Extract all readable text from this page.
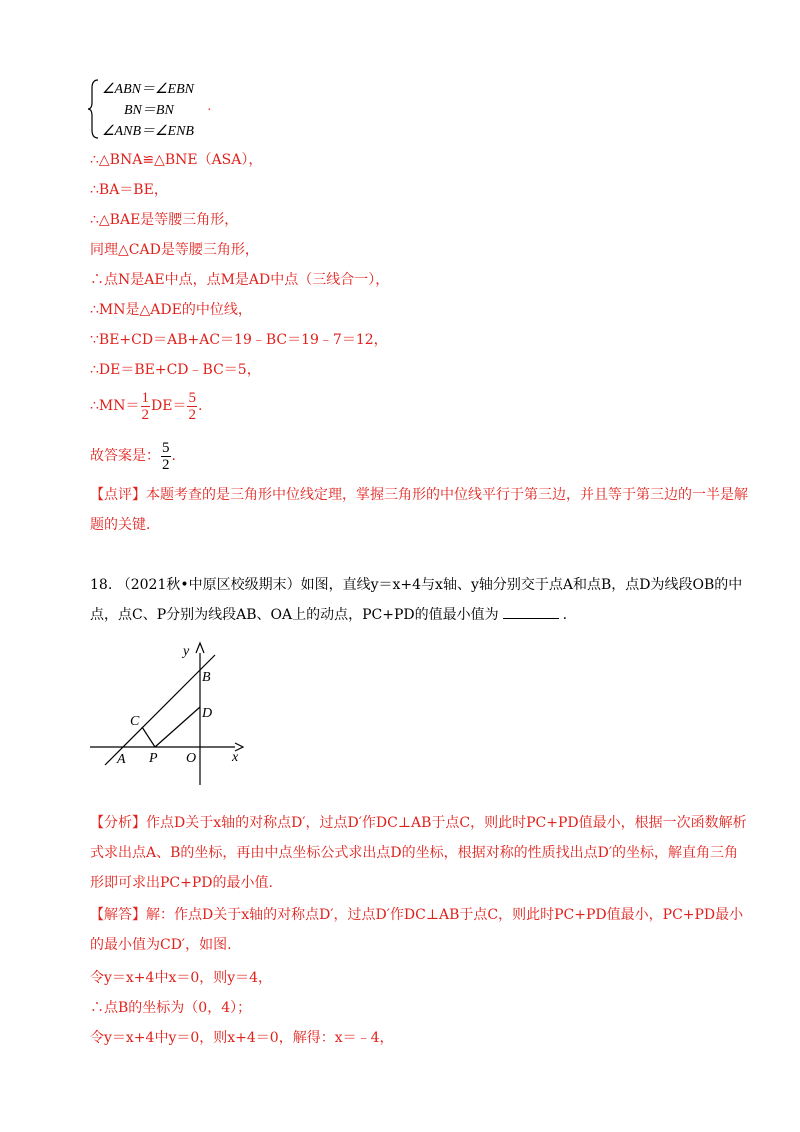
∠ABN＝∠EBN
BN＝BN
∠ANB＝∠ENB
.
∴△BNA≌△BNE（ASA），
∴BA＝BE，
∴△BAE是等腰三角形，
同理△CAD是等腰三角形，
∴点N是AE中点，点M是AD中点（三线合一），
∴MN是△ADE的中位线，
∵BE+CD＝AB+AC＝19﹣BC＝19﹣7＝12，
∴DE＝BE+CD﹣BC＝5，
∴MN＝ $\frac{1}{2} DE= \frac{5}{2}$ .
故答案是： $\frac{5}{2}$ .
【点评】本题考查的是三角形中位线定理，掌握三角形的中位线平行于第三边，并且等于第三边的一半是解题的关键.
18. （2021秋•中原区校级期末）如图，直线y＝x+4与x轴、y轴分别交于点A和点B，点D为线段OB的中点，点C、P分别为线段AB、OA上的动点，PC+PD的值最小值为	.
y
x
B
D
C
A P O
【分析】作点D关于x轴的对称点D′，过点D′作DC⊥AB于点C，则此时PC+PD值最小，根据一次函数解析式求出点A、B的坐标，再由中点坐标公式求出点D的坐标，根据对称的性质找出点D′的坐标，解直角三角形即可求出PC+PD的最小值.
【解答】解：作点D关于x轴的对称点D′，过点D′作DC⊥AB于点C，则此时PC+PD值最小，PC+PD最小的最小值为CD′，如图.
令y＝x+4中x＝0，则y＝4，
∴点B的坐标为（0，4）；
令y＝x+4中y＝0，则x+4＝0，解得：x＝﹣4，
